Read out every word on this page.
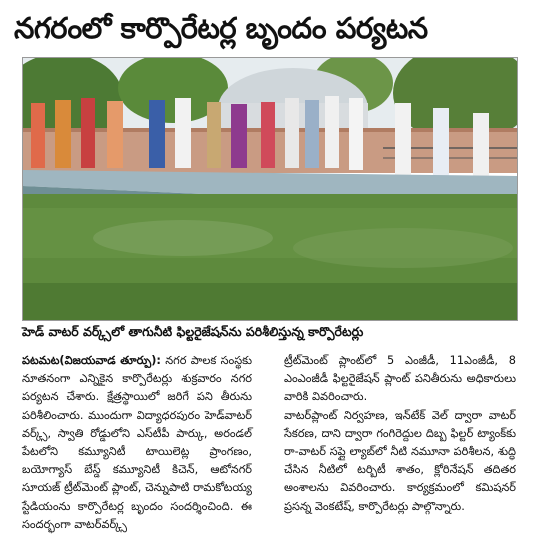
నగరంలో కార్పొరేటర్ల బృందం పర్యటన
హెడ్ వాటర్ వర్క్స్‌లో తాగునీటి ఫిల్టరైజేషన్‌ను పరిశీలిస్తున్న కార్పొరేటర్లు

పటమట(విజయవాడ తూర్పు): నగర పాలక సంస్థకు నూతనంగా ఎన్నికైన కార్పొరేటర్లు శుక్రవారం నగర పర్యటన చేశారు. క్షేత్రస్థాయిలో జరిగే పని తీరును పరిశీలించారు. ముందుగా విద్యాధరపురం హెడ్‌వాటర్ వర్క్స్, స్వాతి రోడ్డులోని ఎస్‌టీపీ పార్కు, అరండల్ పేటలోని కమ్యూనిటీ టాయిలెట్ల ప్రాంగణం, బయోగ్యాస్ బేస్డ్ కమ్యూనిటీ కిచెన్, ఆటోనగర్ సూయజ్ ట్రీట్‌మెంట్ ప్లాంట్, చెన్నుపాటి రామకోటయ్య స్టేడియంను కార్పొరేటర్ల బృందం సందర్శించింది. ఈ సందర్భంగా వాటర్‌వర్క్స్

ట్రీట్‌మెంట్ ప్లాంట్‌లో 5 ఎంజీడీ, 11ఎంజీడీ, 8 ఎంఎంజీడీ ఫిల్టరైజేషన్ ప్లాంట్ పనితీరును అధికారులు వారికి వివరించారు.

వాటర్‌ప్లాంట్ నిర్వహణ, ఇన్‌టేక్ వెల్ ద్వారా వాటర్ సేకరణ, దాని ద్వారా గంగిరెద్దుల దిబ్బ ఫిల్టర్ ట్యాంక్‌కు రా-వాటర్ సప్లై ల్యాబ్‌లో నీటి నమూనా పరిశీలన, శుద్ధి చేసిన నీటిలో టర్బిటీ శాతం, క్లోరినేషన్ తదితర అంశాలను వివరించారు. కార్యక్రమంలో కమిషనర్ ప్రసన్న వెంకటేష్, కార్పొరేటర్లు పాల్గొన్నారు.
